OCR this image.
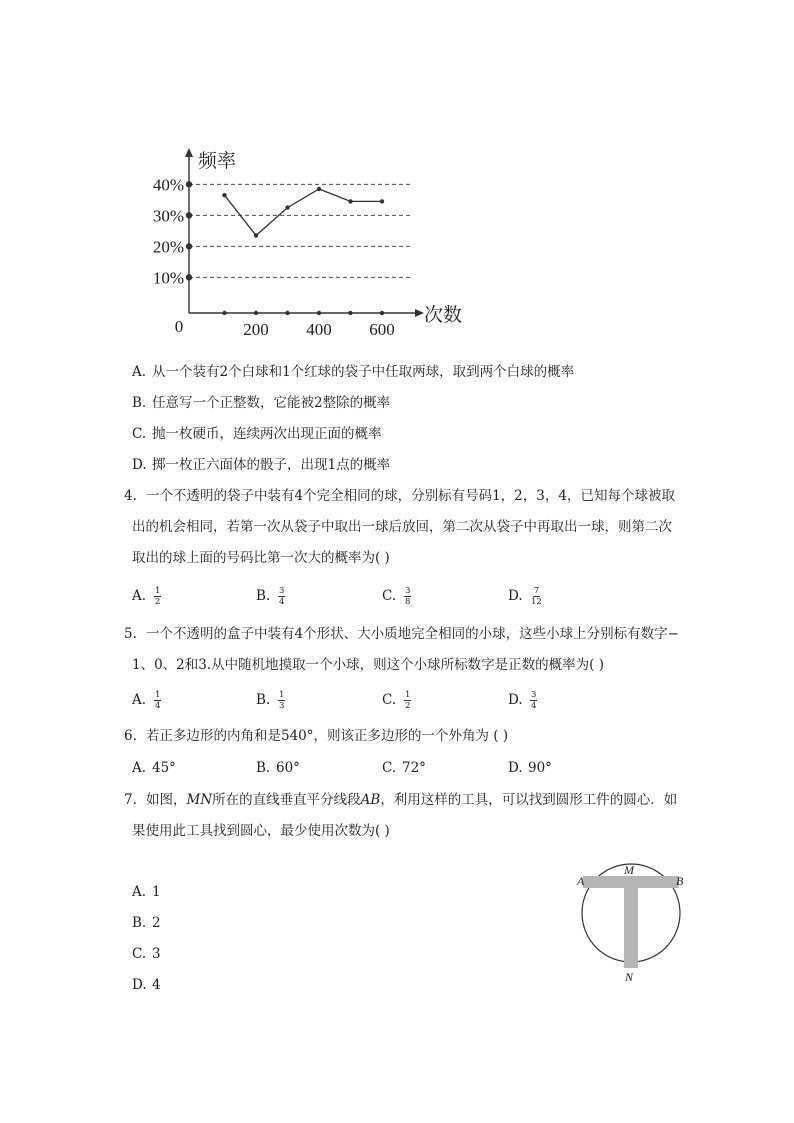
10%
20%
30%
40%
200 400 600
0
频率
次数
A. 从一个装有2个白球和1个红球的袋子中任取两球，取到两个白球的概率
B. 任意写一个正整数，它能被2整除的概率
C. 抛一枚硬币，连续两次出现正面的概率
D. 掷一枚正六面体的骰子，出现1点的概率
4. 一个不透明的袋子中装有4个完全相同的球，分别标有号码1，2，3，4，已知每个球被取
出的机会相同，若第一次从袋子中取出一球后放回，第二次从袋子中再取出一球，则第二次
取出的球上面的号码比第一次大的概率为( )
A. $\frac{1}{2}$	B. $\frac{3}{4}$	C. $\frac{3}{8}$	D. $\frac{7}{12}$
5. 一个不透明的盒子中装有4个形状、大小质地完全相同的小球，这些小球上分别标有数字−
1、0、2和3.从中随机地摸取一个小球，则这个小球所标数字是正数的概率为( )
A. $\frac{1}{4}$	B. $\frac{1}{3}$	C. $\frac{1}{2}$	D. $\frac{3}{4}$
6. 若正多边形的内角和是540°，则该正多边形的一个外角为 ( )
A. 45°	B. 60°	C. 72°	D. 90°
7. 如图，MN所在的直线垂直平分线段AB，利用这样的工具，可以找到圆形工件的圆心．如
果使用此工具找到圆心，最少使用次数为( )
A. 1
B. 2
C. 3
D. 4
A	B
M
N
